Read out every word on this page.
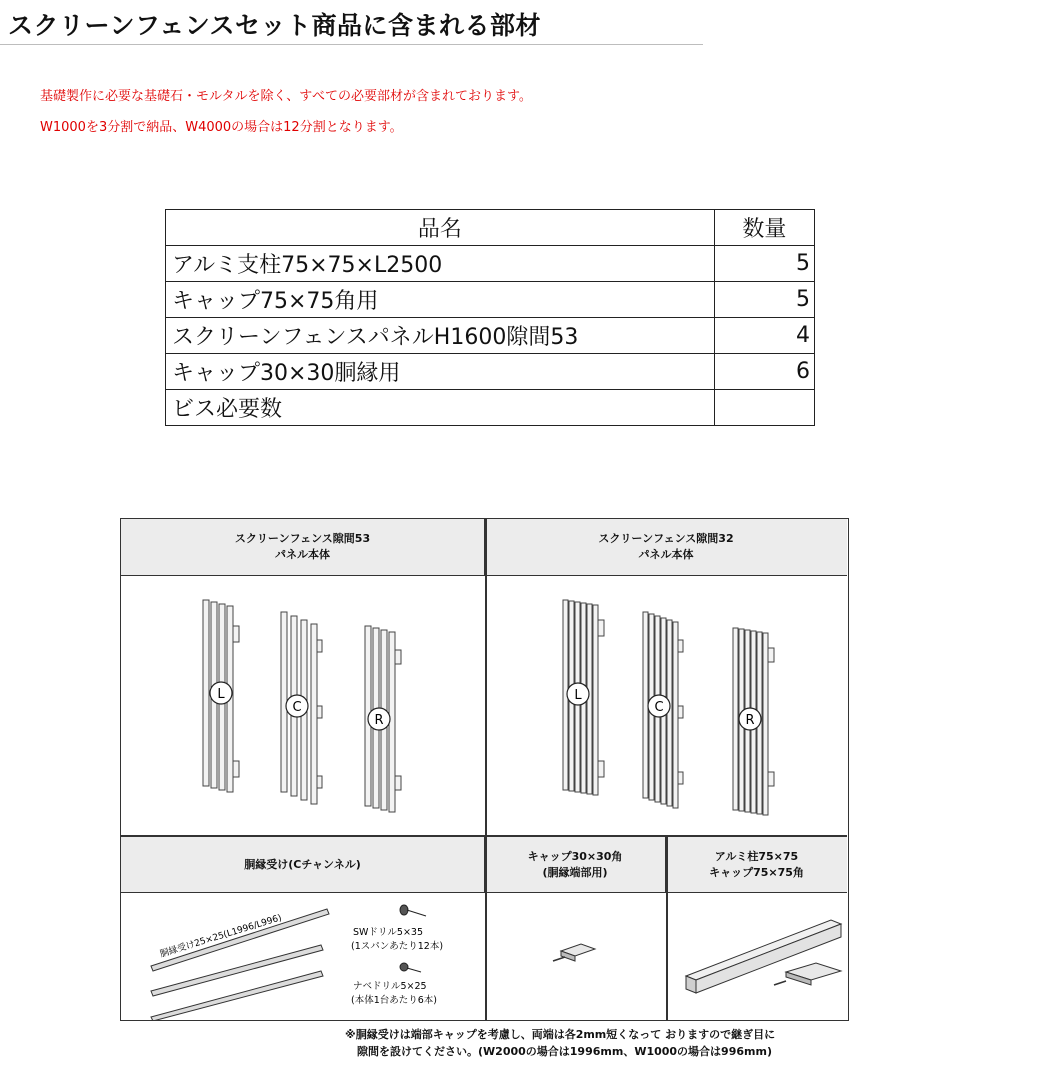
スクリーンフェンスセット商品に含まれる部材
基礎製作に必要な基礎石・モルタルを除く、すべての必要部材が含まれております。
W1000を3分割で納品、W4000の場合は12分割となります。
品名	数量
アルミ支柱75×75×L2500	5
キャップ75×75角用	5
スクリーンフェンスパネルH1600隙間53	4
キャップ30×30胴縁用	6
ビス必要数	
スクリーンフェンス隙間53
パネル本体
スクリーンフェンス隙間32
パネル本体
L
C
R
L
C
R
胴縁受け(Cチャンネル)
キャップ30×30角
(胴縁端部用)
アルミ柱75×75
キャップ75×75角
胴縁受け25×25(L1996/L996)	SWドリル5×35
(1スパンあたり12本)
ナベドリル5×25
(本体1台あたり6本)
※胴縁受けは端部キャップを考慮し、両端は各2mm短くなって おりますので継ぎ目に
隙間を設けてください。(W2000の場合は1996mm、W1000の場合は996mm)
